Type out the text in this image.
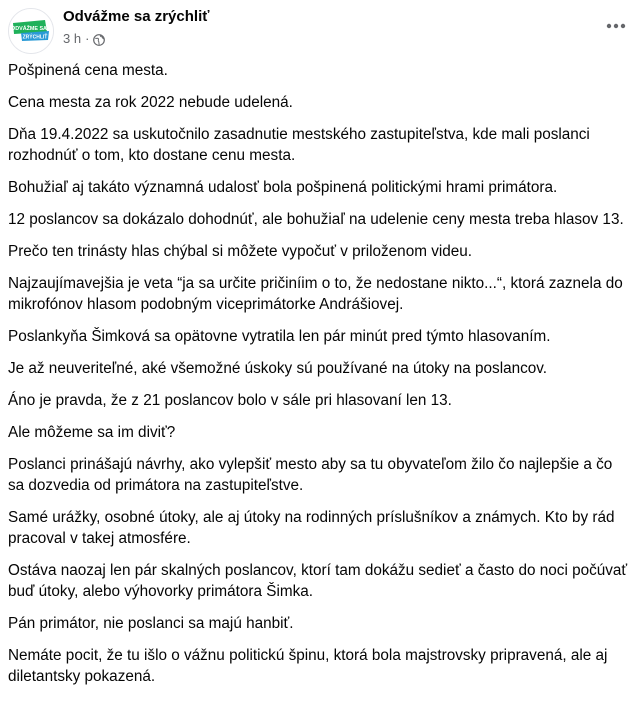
ODVÁŽME SA
ZRÝCHLIŤ
Odvážme sa zrýchliť
3 h ·

Pošpinená cena mesta.

Cena mesta za rok 2022 nebude udelená.

Dňa 19.4.2022 sa uskutočnilo zasadnutie mestského zastupiteľstva, kde mali poslanci rozhodnúť o tom, kto dostane cenu mesta.

Bohužiaľ aj takáto významná udalosť bola pošpinená politickými hrami primátora.

12 poslancov sa dokázalo dohodnúť, ale bohužiaľ na udelenie ceny mesta treba hlasov 13.

Prečo ten trinásty hlas chýbal si môžete vypočuť v priloženom videu.

Najzaujímavejšia je veta “ja sa určite pričiníim o to, že nedostane nikto...“, ktorá zaznela do mikrofónov hlasom podobným viceprimátorke Andrášiovej.

Poslankyňa Šimková sa opätovne vytratila len pár minút pred týmto hlasovaním.

Je až neuveriteľné, aké všemožné úskoky sú používané na útoky na poslancov.

Áno je pravda, že z 21 poslancov bolo v sále pri hlasovaní len 13.

Ale môžeme sa im diviť?

Poslanci prinášajú návrhy, ako vylepšiť mesto aby sa tu obyvateľom žilo čo najlepšie a čo sa dozvedia od primátora na zastupiteľstve.

Samé urážky, osobné útoky, ale aj útoky na rodinných príslušníkov a známych. Kto by rád pracoval v takej atmosfére.

Ostáva naozaj len pár skalných poslancov, ktorí tam dokážu sedieť a často do noci počúvať buď útoky, alebo výhovorky primátora Šimka.

Pán primátor, nie poslanci sa majú hanbiť.

Nemáte pocit, že tu išlo o vážnu politickú špinu, ktorá bola majstrovsky pripravená, ale aj diletantsky pokazená.
